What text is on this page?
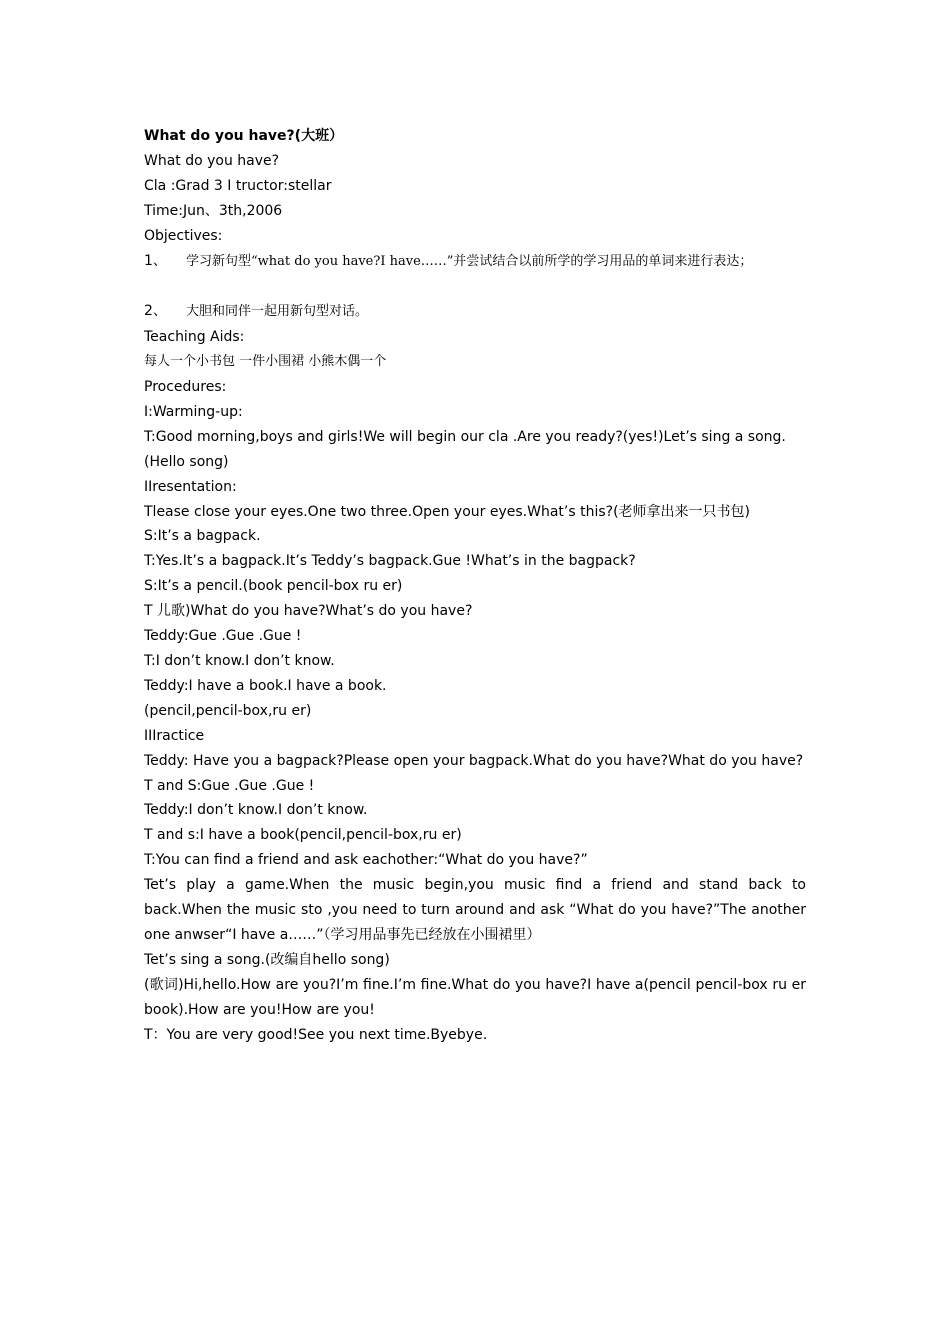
What do you have?(大班）

What do you have?

Cla :Grad 3 I tructor:stellar

Time:Jun、3th,2006

Objectives:

1、 学习新句型“what do you have?I have……”并尝试结合以前所学的学习用品的单词来进行表达；

2、 大胆和同伴一起用新句型对话。

Teaching Aids:

每人一个小书包 一件小围裙 小熊木偶一个

Procedures:

I:Warming-up:

T:Good morning,boys and girls!We will begin our cla .Are you ready?(yes!)Let’s sing a song.

(Hello song)

IIresentation:

Tlease close your eyes.One two three.Open your eyes.What’s this?(老师拿出来一只书包)

S:It’s a bagpack.

T:Yes.It’s a bagpack.It’s Teddy’s bagpack.Gue !What’s in the bagpack?

S:It’s a pencil.(book pencil-box ru er)

T 儿歌)What do you have?What’s do you have?

Teddy:Gue .Gue .Gue !

T:I don’t know.I don’t know.

Teddy:I have a book.I have a book.

(pencil,pencil-box,ru er)

IIIractice

Teddy: Have you a bagpack?Please open your bagpack.What do you have?What do you have?

T and S:Gue .Gue .Gue !

Teddy:I don’t know.I don’t know.

T and s:I have a book(pencil,pencil-box,ru er)

T:You can find a friend and ask eachother:“What do you have?”

Tet’s play a game.When the music begin,you music find a friend and stand back to back.When the music sto ,you need to turn around and ask “What do you have?”The another one anwser“I have a……”（学习用品事先已经放在小围裙里）

Tet’s sing a song.(改编自hello song)

(歌词)Hi,hello.How are you?I’m fine.I’m fine.What do you have?I have a(pencil pencil-box ru er book).How are you!How are you!

T：You are very good!See you next time.Byebye.
